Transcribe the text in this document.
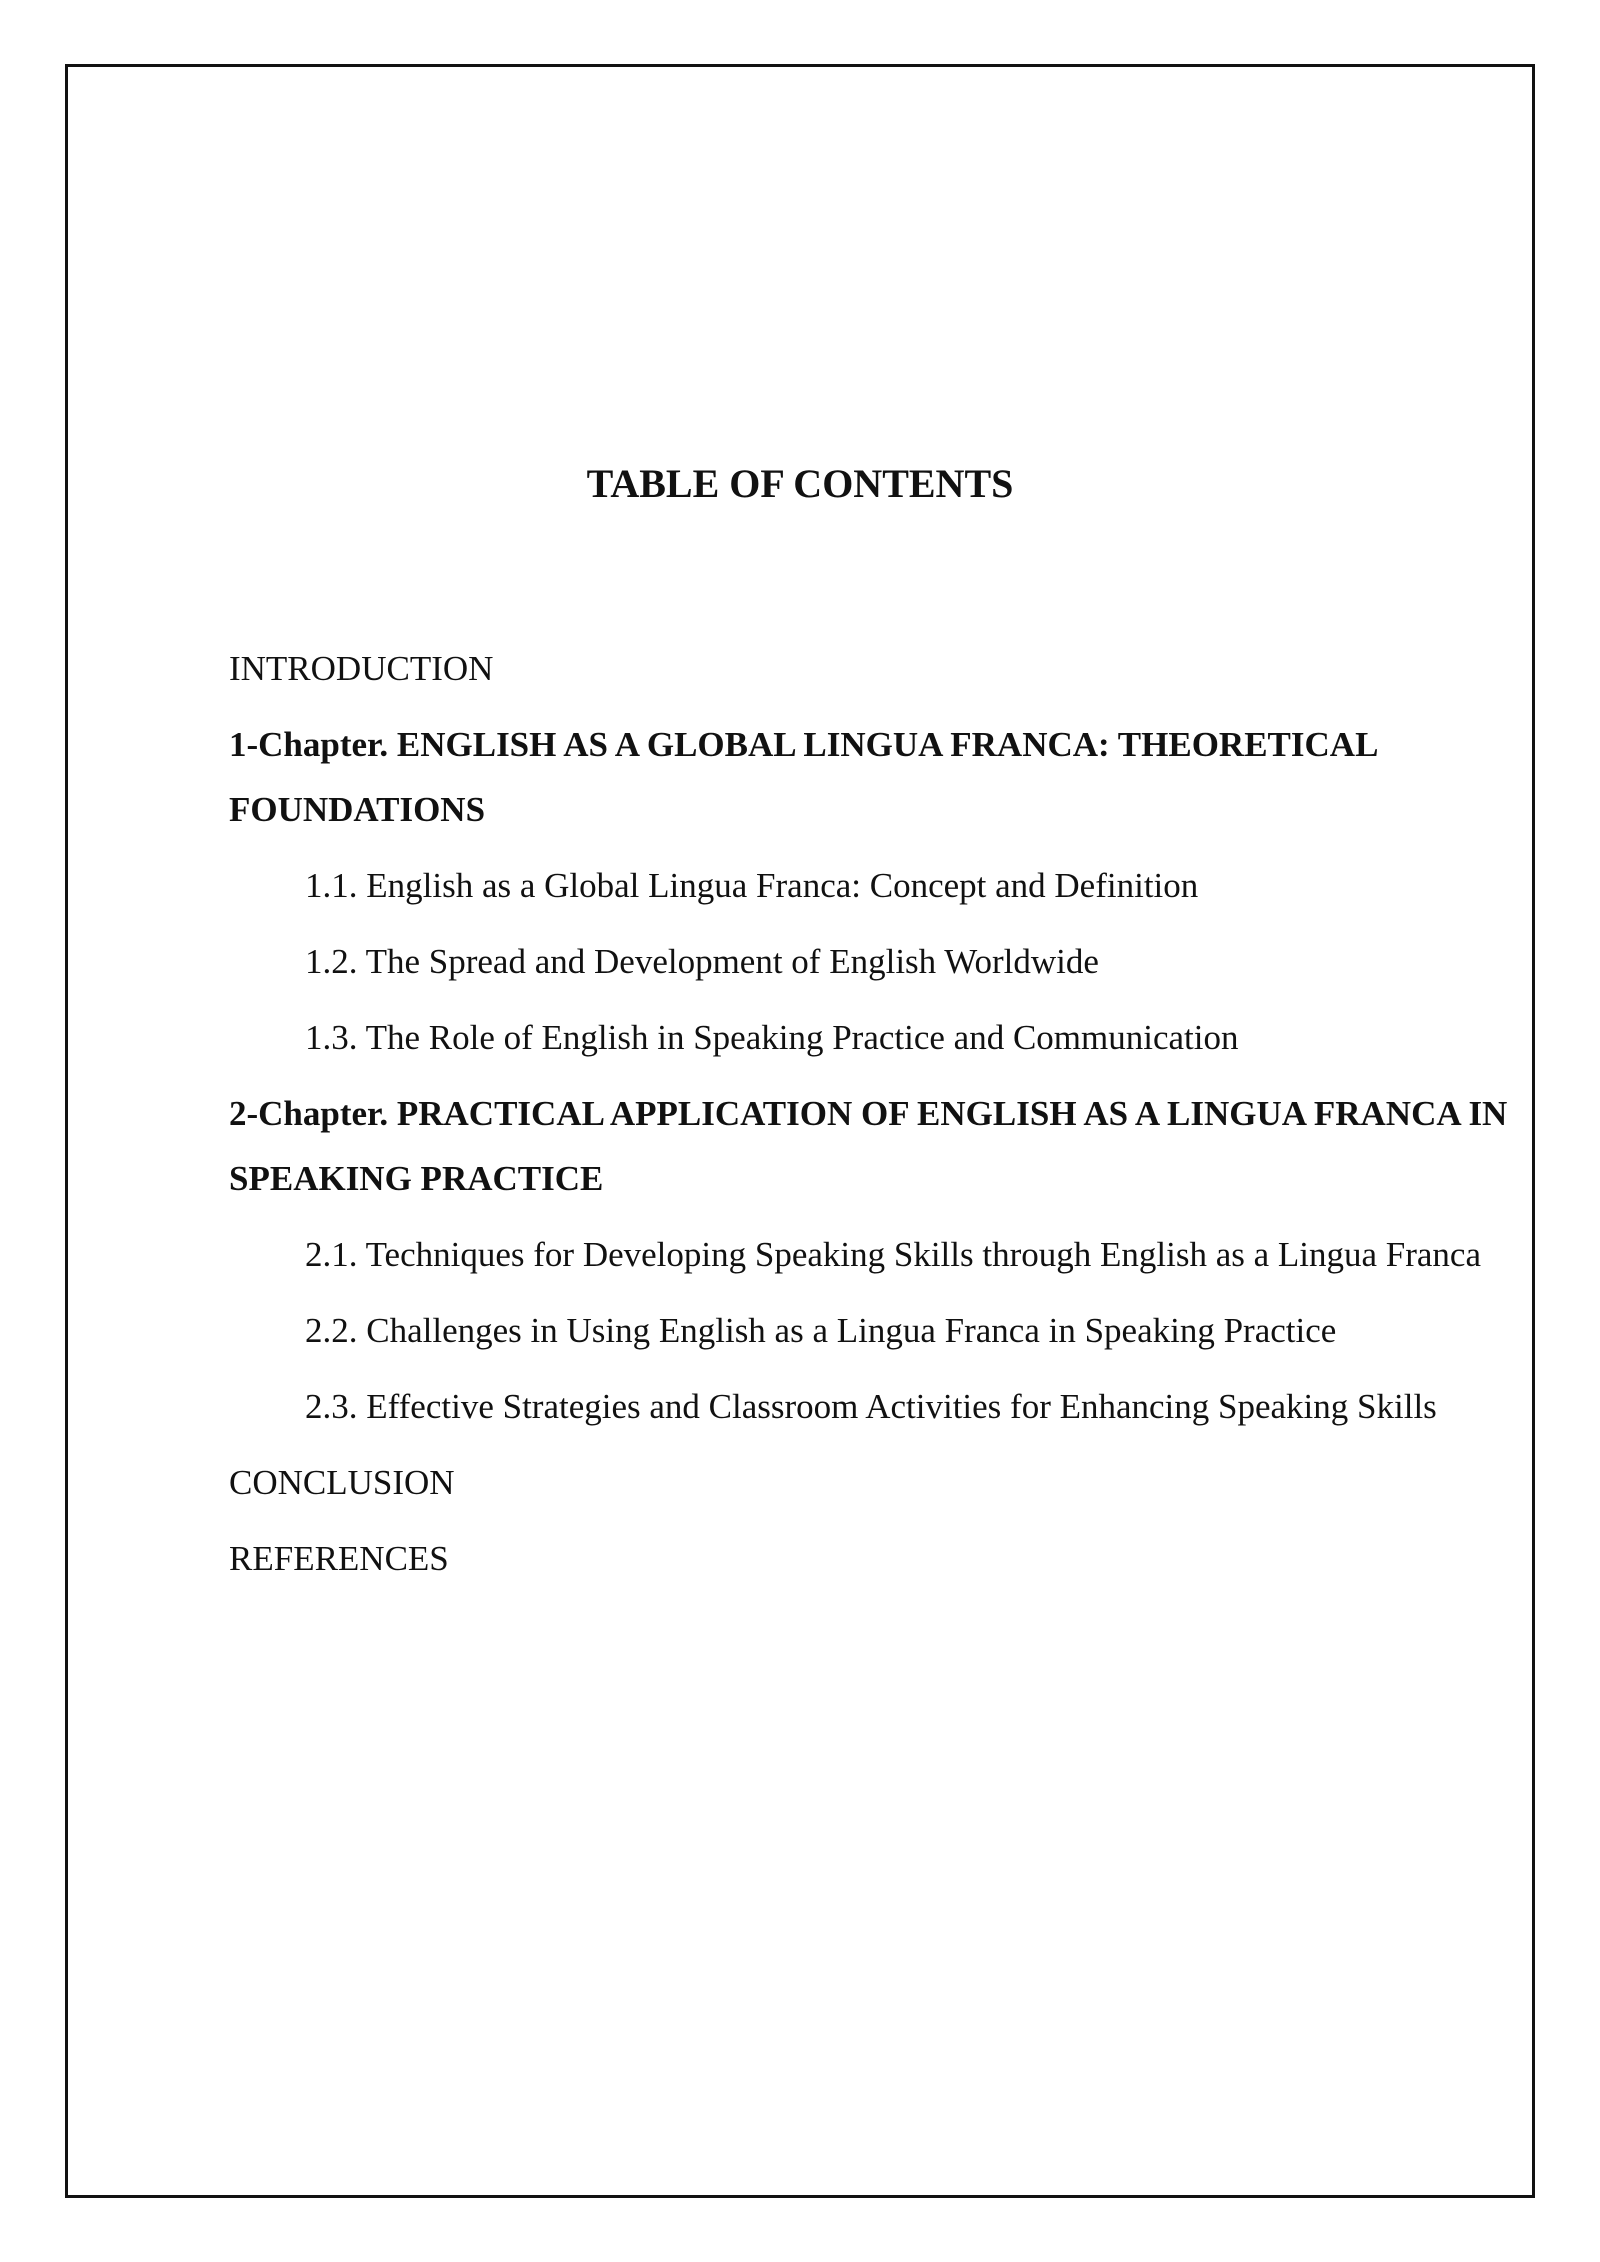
TABLE OF CONTENTS
INTRODUCTION
1-Chapter. ENGLISH AS A GLOBAL LINGUA FRANCA: THEORETICAL FOUNDATIONS
1.1. English as a Global Lingua Franca: Concept and Definition
1.2. The Spread and Development of English Worldwide
1.3. The Role of English in Speaking Practice and Communication
2-Chapter. PRACTICAL APPLICATION OF ENGLISH AS A LINGUA FRANCA IN SPEAKING PRACTICE
2.1. Techniques for Developing Speaking Skills through English as a Lingua Franca
2.2. Challenges in Using English as a Lingua Franca in Speaking Practice
2.3. Effective Strategies and Classroom Activities for Enhancing Speaking Skills
CONCLUSION
REFERENCES
